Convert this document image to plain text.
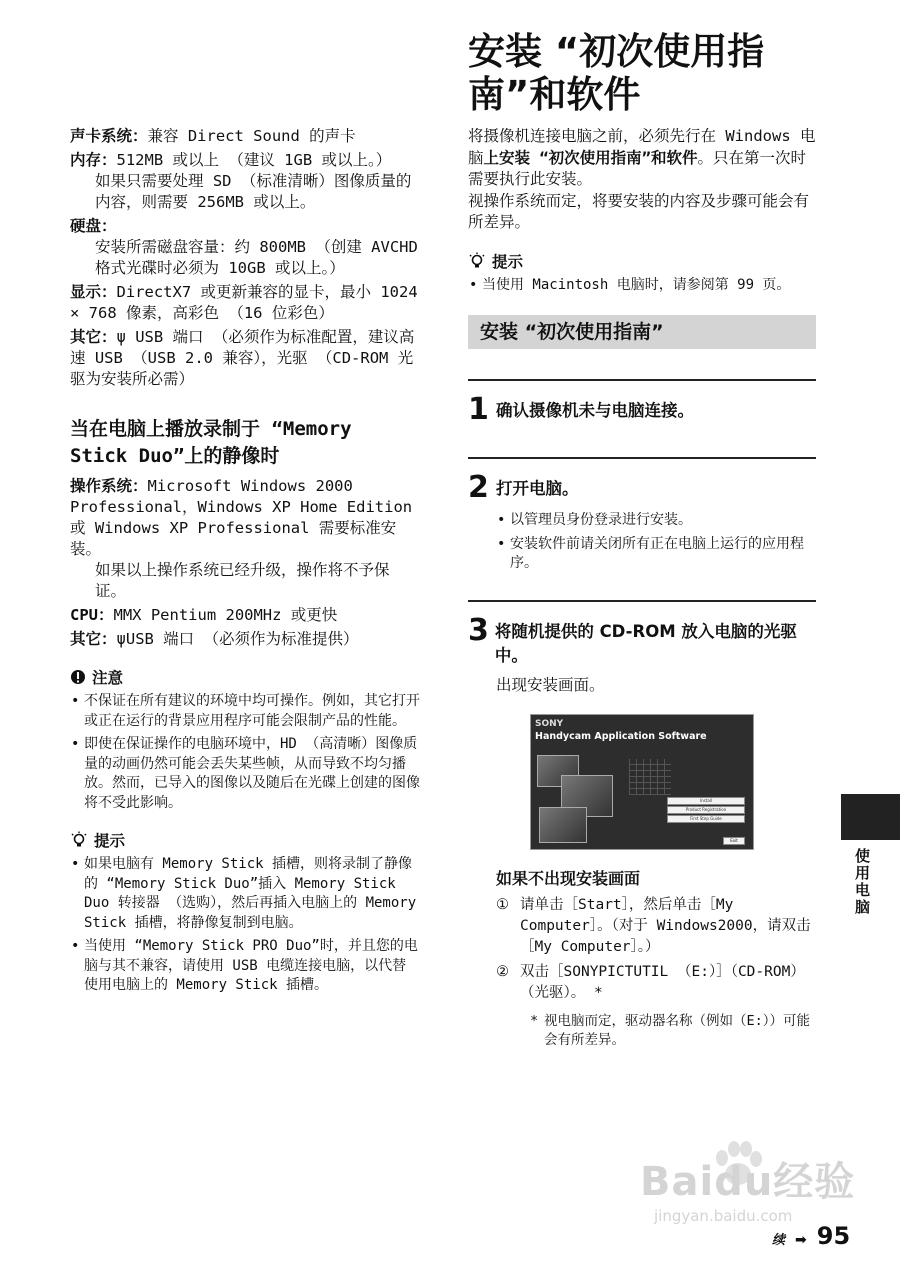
声卡系统：兼容 Direct Sound 的声卡
内存：512MB 或以上 （建议 1GB 或以上。）
如果只需要处理 SD （标准清晰）图像质量的内容，则需要 256MB 或以上。
硬盘：
安装所需磁盘容量：约 800MB （创建 AVCHD 格式光碟时必须为 10GB 或以上。）
显示：DirectX7 或更新兼容的显卡，最小 1024 × 768 像素，高彩色 （16 位彩色）
其它：ψ USB 端口 （必须作为标准配置，建议高速 USB （USB 2.0 兼容），光驱 （CD-ROM 光驱为安装所必需）
当在电脑上播放录制于 “Memory Stick Duo”上的静像时
操作系统：Microsoft Windows 2000 Professional，Windows XP Home Edition 或 Windows XP Professional 需要标准安装。
如果以上操作系统已经升级，操作将不予保证。
CPU：MMX Pentium 200MHz 或更快
其它：ψUSB 端口 （必须作为标准提供）
注意
• 不保证在所有建议的环境中均可操作。例如，其它打开或正在运行的背景应用程序可能会限制产品的性能。
• 即使在保证操作的电脑环境中，HD （高清晰）图像质量的动画仍然可能会丢失某些帧，从而导致不均匀播放。然而，已导入的图像以及随后在光碟上创建的图像将不受此影响。
提示
• 如果电脑有 Memory Stick 插槽，则将录制了静像的 “Memory Stick Duo”插入 Memory Stick Duo 转接器 （选购），然后再插入电脑上的 Memory Stick 插槽，将静像复制到电脑。
• 当使用 “Memory Stick PRO Duo”时，并且您的电脑与其不兼容，请使用 USB 电缆连接电脑，以代替使用电脑上的 Memory Stick 插槽。
安装 “初次使用指南”和软件

将摄像机连接电脑之前，必须先行在 Windows 电脑上安装 “初次使用指南”和软件。只在第一次时需要执行此安装。

视操作系统而定，将要安装的内容及步骤可能会有所差异。

提示
• 当使用 Macintosh 电脑时，请参阅第 99 页。
安装 “初次使用指南”
1 确认摄像机未与电脑连接。
2 打开电脑。
• 以管理员身份登录进行安装。
• 安装软件前请关闭所有正在电脑上运行的应用程序。
3 将随机提供的 CD-ROM 放入电脑的光驱中。
出现安装画面。
SONY
Handycam Application Software
Install
Product Registration
First Step Guide
Exit
如果不出现安装画面
① 请单击［Start］，然后单击［My Computer］。（对于 Windows2000，请双击［My Computer］。）
② 双击［SONYPICTUTIL （E:）］（CD-ROM） （光驱）。 *
* 视电脑而定，驱动器名称（例如（E:））可能会有所差异。
使用电脑
Baidu经验
jingyan.baidu.com
续 ➡ 95
